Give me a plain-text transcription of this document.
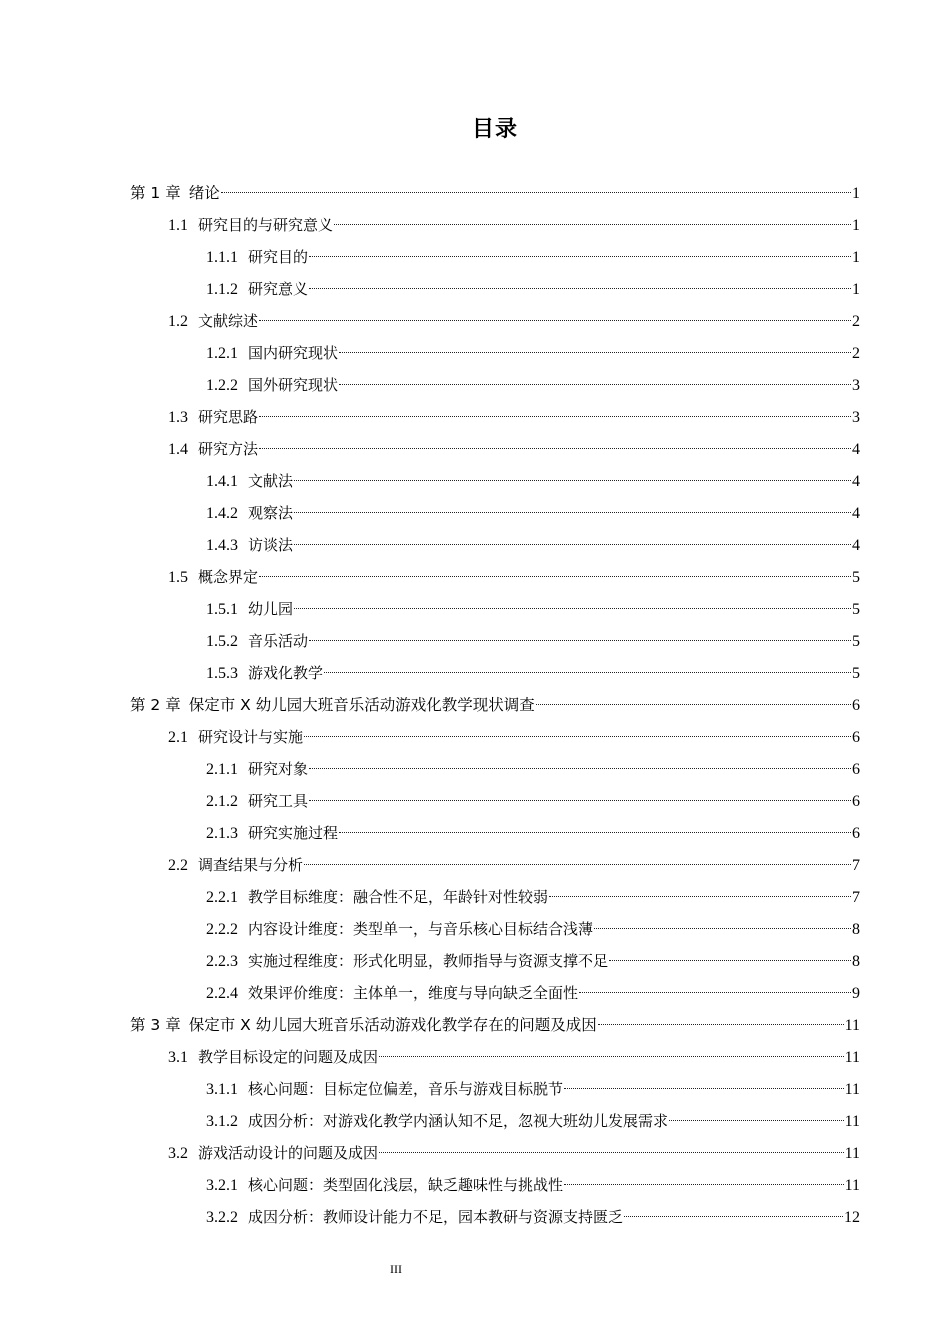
目录
第 1 章 绪论	1
1.1 研究目的与研究意义	1
1.1.1 研究目的	1
1.1.2 研究意义	1
1.2 文献综述	2
1.2.1 国内研究现状	2
1.2.2 国外研究现状	3
1.3 研究思路	3
1.4 研究方法	4
1.4.1 文献法	4
1.4.2 观察法	4
1.4.3 访谈法	4
1.5 概念界定	5
1.5.1 幼儿园	5
1.5.2 音乐活动	5
1.5.3 游戏化教学	5
第 2 章 保定市 X 幼儿园大班音乐活动游戏化教学现状调查	6
2.1 研究设计与实施	6
2.1.1 研究对象	6
2.1.2 研究工具	6
2.1.3 研究实施过程	6
2.2 调查结果与分析	7
2.2.1 教学目标维度：融合性不足，年龄针对性较弱	7
2.2.2 内容设计维度：类型单一，与音乐核心目标结合浅薄	8
2.2.3 实施过程维度：形式化明显，教师指导与资源支撑不足	8
2.2.4 效果评价维度：主体单一，维度与导向缺乏全面性	9
第 3 章 保定市 X 幼儿园大班音乐活动游戏化教学存在的问题及成因	11
3.1 教学目标设定的问题及成因	11
3.1.1 核心问题：目标定位偏差，音乐与游戏目标脱节	11
3.1.2 成因分析：对游戏化教学内涵认知不足，忽视大班幼儿发展需求	11
3.2 游戏活动设计的问题及成因	11
3.2.1 核心问题：类型固化浅层，缺乏趣味性与挑战性	11
3.2.2 成因分析：教师设计能力不足，园本教研与资源支持匮乏	12
III
